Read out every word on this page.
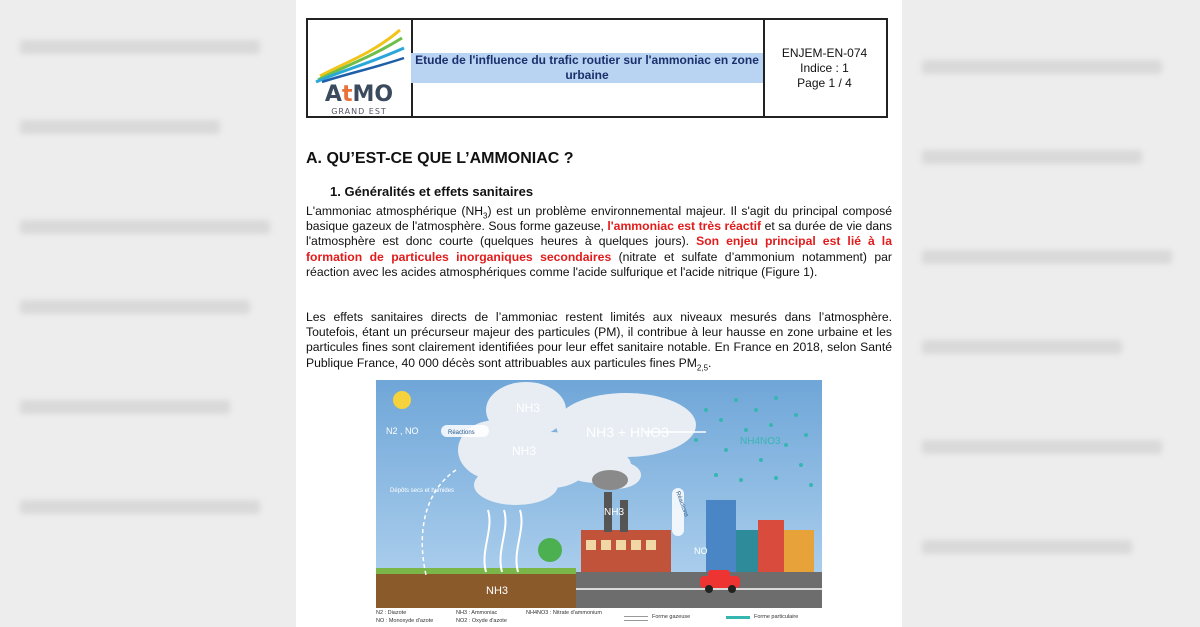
AtMO
GRAND EST
Etude de l'influence du trafic routier sur l'ammoniac en zone urbaine
ENJEM-EN-074
Indice : 1
Page 1 / 4
A. QU’EST-CE QUE L’AMMONIAC ?
1. Généralités et effets sanitaires
L'ammoniac atmosphérique $(NH_3)$ est un problème environnemental majeur. Il s'agit du principal composé basique gazeux de l'atmosphère. Sous forme gazeuse, l'ammoniac est très réactif et sa durée de vie dans l'atmosphère est donc courte (quelques heures à quelques jours). Son enjeu principal est lié à la formation de particules inorganiques secondaires (nitrate et sulfate d’ammonium notamment) par réaction avec les acides atmosphériques comme l'acide sulfurique et l'acide nitrique (Figure 1).
Les effets sanitaires directs de l’ammoniac restent limités aux niveaux mesurés dans l’atmosphère. Toutefois, étant un précurseur majeur des particules (PM), il contribue à leur hausse en zone urbaine et les particules fines sont clairement identifiées pour leur effet sanitaire notable. En France en 2018, selon Santé Publique France, 40 000 décès sont attribuables aux particules fines $PM_{2,5}$.
NH3
NH3
N2 , NO	Réactions	NH3 + HNO3
NH4NO3
Dépôts secs et humides
NH3
NH3
Réactions
NO
N2 : Diazote
NO : Monoxyde d'azote
NH3 : Ammoniac
NO2 : Oxyde d'azote
NH4NO3 : Nitrate d'ammonium
Forme gazeuse	Forme particulaire
